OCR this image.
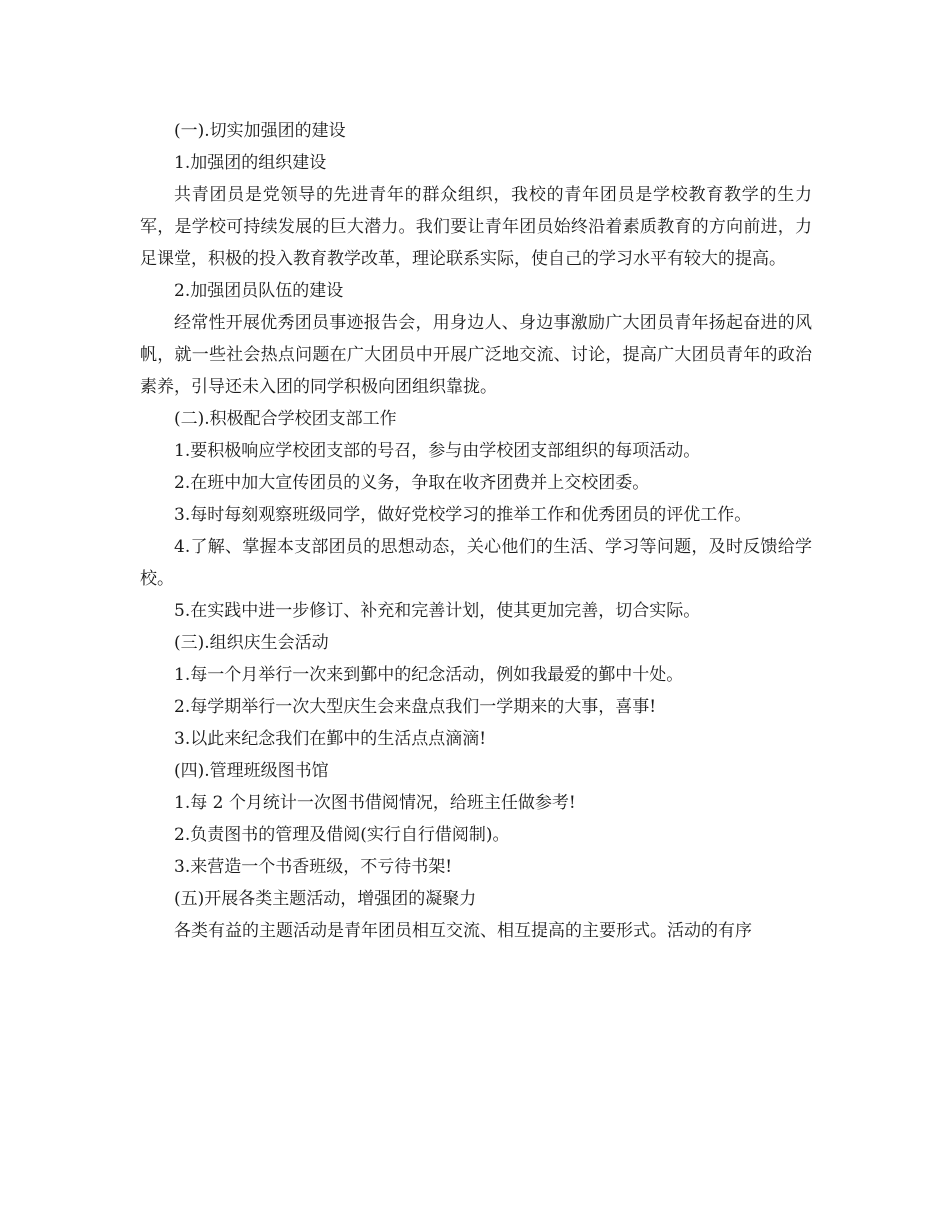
(一).切实加强团的建设

1.加强团的组织建设

共青团员是党领导的先进青年的群众组织，我校的青年团员是学校教育教学的生力军，是学校可持续发展的巨大潜力。我们要让青年团员始终沿着素质教育的方向前进，力足课堂，积极的投入教育教学改革，理论联系实际，使自己的学习水平有较大的提高。

2.加强团员队伍的建设

经常性开展优秀团员事迹报告会，用身边人、身边事激励广大团员青年扬起奋进的风帆，就一些社会热点问题在广大团员中开展广泛地交流、讨论，提高广大团员青年的政治素养，引导还未入团的同学积极向团组织靠拢。

(二).积极配合学校团支部工作

1.要积极响应学校团支部的号召，参与由学校团支部组织的每项活动。

2.在班中加大宣传团员的义务，争取在收齐团费并上交校团委。

3.每时每刻观察班级同学，做好党校学习的推举工作和优秀团员的评优工作。

4.了解、掌握本支部团员的思想动态，关心他们的生活、学习等问题，及时反馈给学校。

5.在实践中进一步修订、补充和完善计划，使其更加完善，切合实际。

(三).组织庆生会活动

1.每一个月举行一次来到鄞中的纪念活动，例如我最爱的鄞中十处。

2.每学期举行一次大型庆生会来盘点我们一学期来的大事，喜事!

3.以此来纪念我们在鄞中的生活点点滴滴!

(四).管理班级图书馆

1.每 2 个月统计一次图书借阅情况，给班主任做参考!

2.负责图书的管理及借阅(实行自行借阅制)。

3.来营造一个书香班级，不亏待书架!

(五)开展各类主题活动，增强团的凝聚力

各类有益的主题活动是青年团员相互交流、相互提高的主要形式。活动的有序
